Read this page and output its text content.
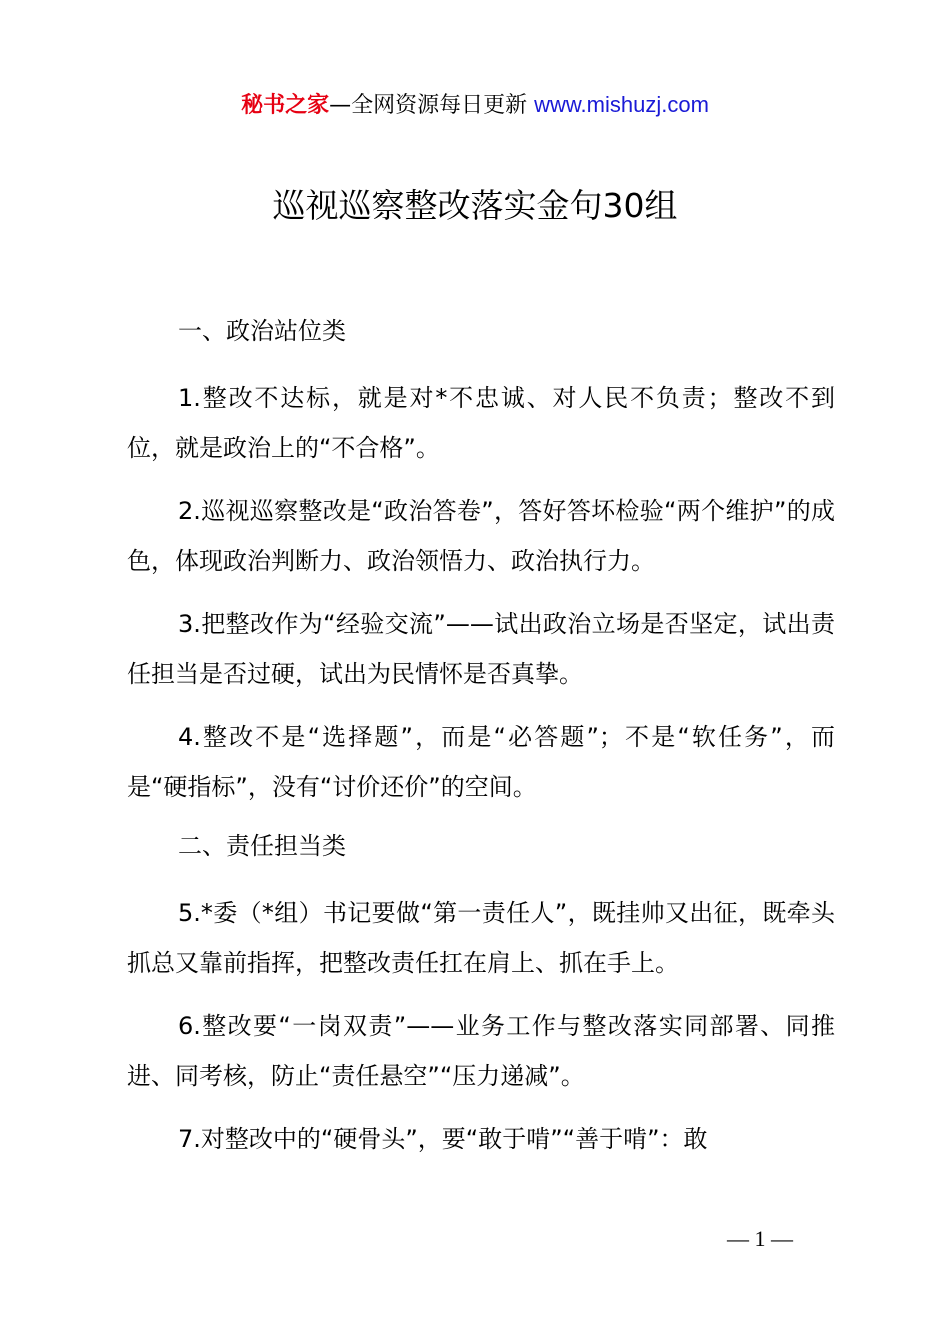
秘书之家—全网资源每日更新 www.mishuzj.com
巡视巡察整改落实金句30组
一、政治站位类

1.整改不达标，就是对*不忠诚、对人民不负责；整改不到位，就是政治上的“不合格”。

2.巡视巡察整改是“政治答卷”，答好答坏检验“两个维护”的成色，体现政治判断力、政治领悟力、政治执行力。

3.把整改作为“经验交流”——试出政治立场是否坚定，试出责任担当是否过硬，试出为民情怀是否真挚。

4.整改不是“选择题”，而是“必答题”；不是“软任务”，而是“硬指标”，没有“讨价还价”的空间。

二、责任担当类

5.*委（*组）书记要做“第一责任人”，既挂帅又出征，既牵头抓总又靠前指挥，把整改责任扛在肩上、抓在手上。

6.整改要“一岗双责”——业务工作与整改落实同部署、同推进、同考核，防止“责任悬空”“压力递减”。

7.对整改中的“硬骨头”，要“敢于啃”“善于啃”：敢

— 1 —
